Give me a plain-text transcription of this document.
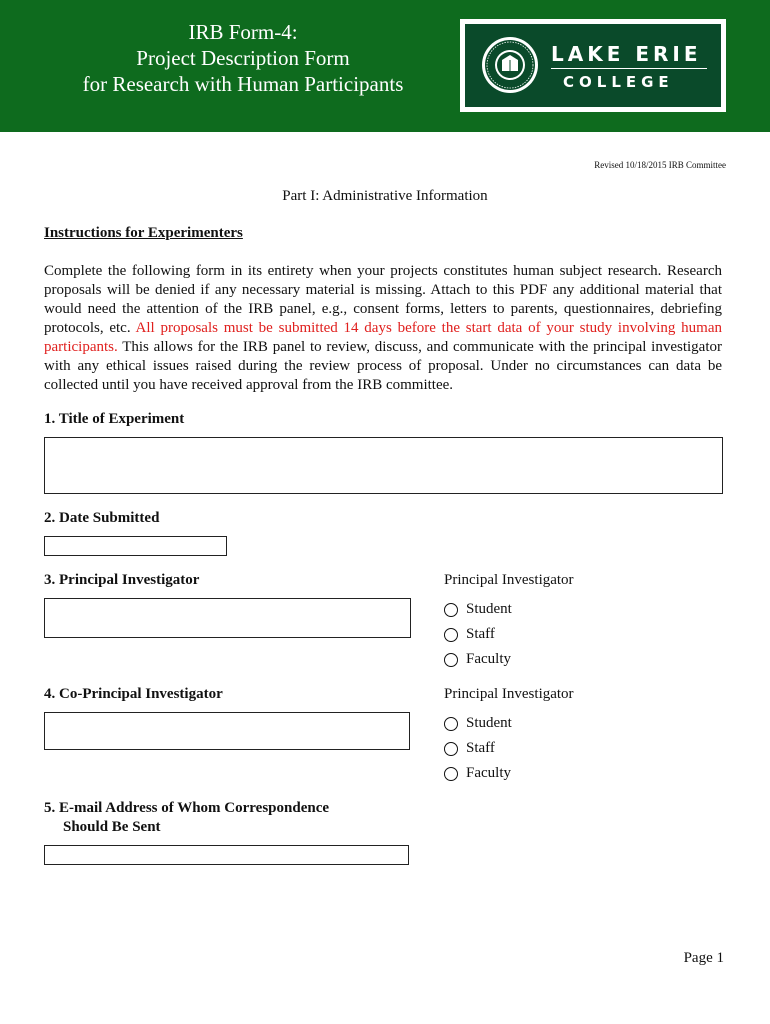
IRB Form-4:
Project Description Form
for Research with Human Participants
LAKE ERIE
COLLEGE
Revised 10/18/2015 IRB Committee
Part I: Administrative Information
Instructions for Experimenters
Complete the following form in its entirety when your projects constitutes human subject research. Research proposals will be denied if any necessary material is missing. Attach to this PDF any additional material that would need the attention of the IRB panel, e.g., consent forms, letters to parents, questionnaires, debriefing protocols, etc. All proposals must be submitted 14 days before the start data of your study involving human participants. This allows for the IRB panel to review, discuss, and communicate with the principal investigator with any ethical issues raised during the review process of proposal. Under no circumstances can data be collected until you have received approval from the IRB committee.
1. Title of Experiment
2. Date Submitted
3. Principal Investigator	Principal Investigator
Student
Staff
Faculty
4. Co-Principal Investigator	Principal Investigator
Student
Staff
Faculty
5. E-mail Address of Whom Correspondence
Should Be Sent
Page 1
